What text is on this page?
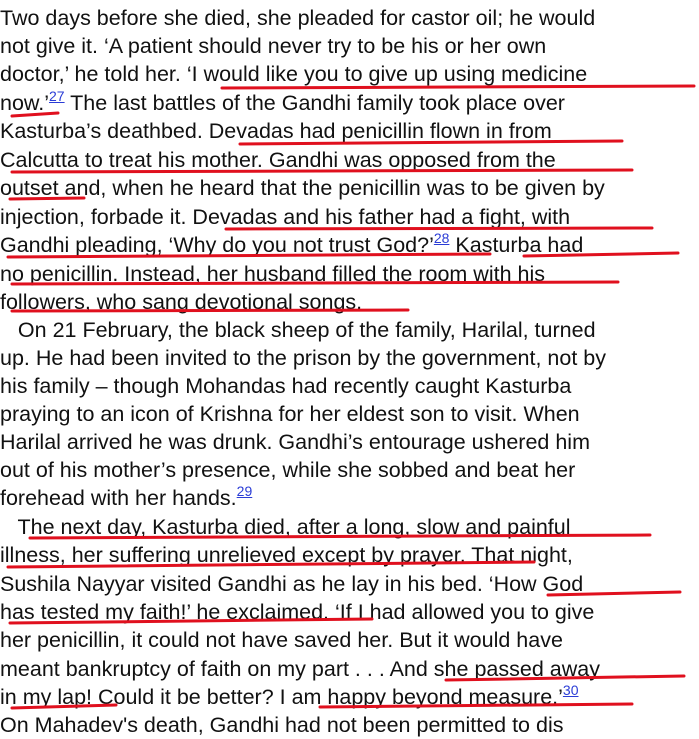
Two days before she died, she pleaded for castor oil; he would
not give it. ‘A patient should never try to be his or her own
doctor,’ he told her. ‘I would like you to give up using medicine
now.’$^{27}$ The last battles of the Gandhi family took place over
Kasturba’s deathbed. Devadas had penicillin flown in from
Calcutta to treat his mother. Gandhi was opposed from the
outset and, when he heard that the penicillin was to be given by
injection, forbade it. Devadas and his father had a fight, with
Gandhi pleading, ‘Why do you not trust God?’$^{28}$ Kasturba had
no penicillin. Instead, her husband filled the room with his
followers, who sang devotional songs.
On 21 February, the black sheep of the family, Harilal, turned
up. He had been invited to the prison by the government, not by
his family – though Mohandas had recently caught Kasturba
praying to an icon of Krishna for her eldest son to visit. When
Harilal arrived he was drunk. Gandhi’s entourage ushered him
out of his mother’s presence, while she sobbed and beat her
forehead with her hands.$^{29}$
The next day, Kasturba died, after a long, slow and painful
illness, her suffering unrelieved except by prayer. That night,
Sushila Nayyar visited Gandhi as he lay in his bed. ‘How God
has tested my faith!’ he exclaimed. ‘If I had allowed you to give
her penicillin, it could not have saved her. But it would have
meant bankruptcy of faith on my part . . . And she passed away
in my lap! Could it be better? I am happy beyond measure.’$^{30}$
On Mahadev's death, Gandhi had not been permitted to dis
